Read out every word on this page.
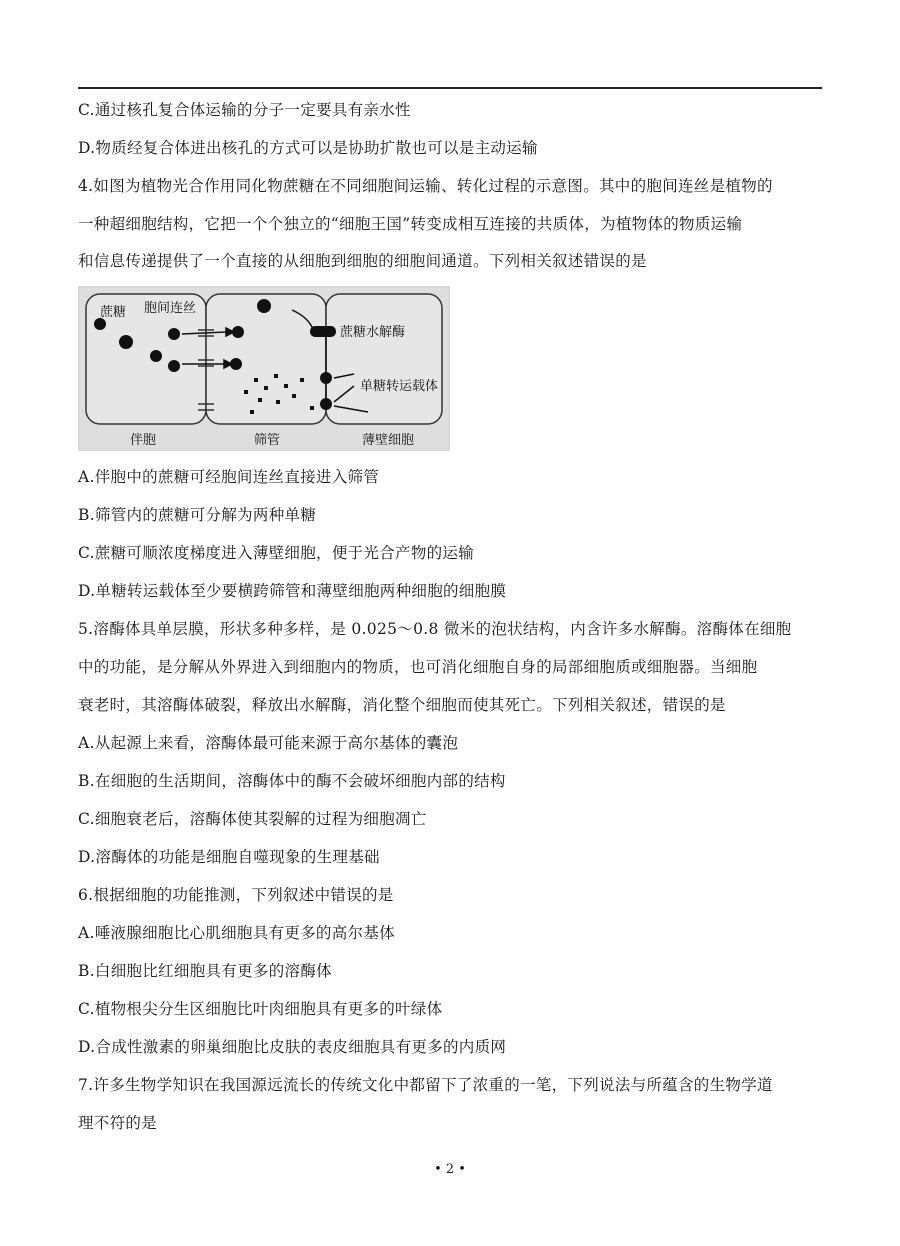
C.通过核孔复合体运输的分子一定要具有亲水性
D.物质经复合体进出核孔的方式可以是协助扩散也可以是主动运输
4.如图为植物光合作用同化物蔗糖在不同细胞间运输、转化过程的示意图。其中的胞间连丝是植物的
一种超细胞结构，它把一个个独立的“细胞王国”转变成相互连接的共质体，为植物体的物质运输
和信息传递提供了一个直接的从细胞到细胞的细胞间通道。下列相关叙述错误的是
蔗糖 胞间连丝
蔗糖水解酶
单糖转运载体
伴胞	筛管	薄壁细胞
A.伴胞中的蔗糖可经胞间连丝直接进入筛管
B.筛管内的蔗糖可分解为两种单糖
C.蔗糖可顺浓度梯度进入薄壁细胞，便于光合产物的运输
D.单糖转运载体至少要横跨筛管和薄壁细胞两种细胞的细胞膜
5.溶酶体具单层膜，形状多种多样，是 0.025～0.8 微米的泡状结构，内含许多水解酶。溶酶体在细胞
中的功能，是分解从外界进入到细胞内的物质，也可消化细胞自身的局部细胞质或细胞器。当细胞
衰老时，其溶酶体破裂，释放出水解酶，消化整个细胞而使其死亡。下列相关叙述，错误的是
A.从起源上来看，溶酶体最可能来源于高尔基体的囊泡
B.在细胞的生活期间，溶酶体中的酶不会破坏细胞内部的结构
C.细胞衰老后，溶酶体使其裂解的过程为细胞凋亡
D.溶酶体的功能是细胞自噬现象的生理基础
6.根据细胞的功能推测，下列叙述中错误的是
A.唾液腺细胞比心肌细胞具有更多的高尔基体
B.白细胞比红细胞具有更多的溶酶体
C.植物根尖分生区细胞比叶肉细胞具有更多的叶绿体
D.合成性激素的卵巢细胞比皮肤的表皮细胞具有更多的内质网
7.许多生物学知识在我国源远流长的传统文化中都留下了浓重的一笔，下列说法与所蕴含的生物学道
理不符的是
• 2 •
